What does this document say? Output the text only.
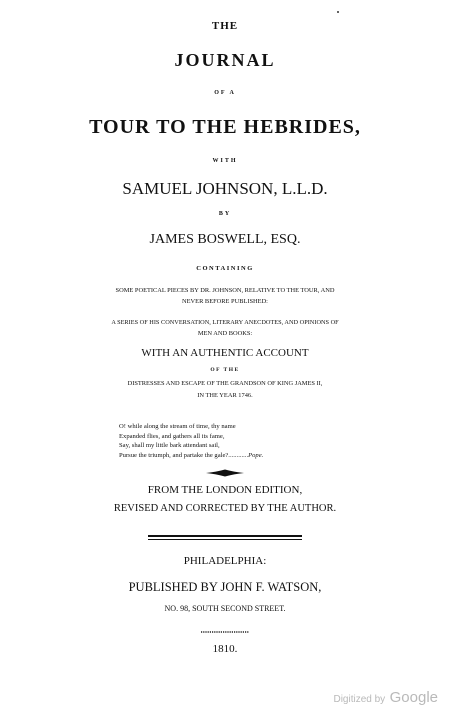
THE
JOURNAL
OF A
TOUR TO THE HEBRIDES,
WITH
SAMUEL JOHNSON, L.L.D.
BY
JAMES BOSWELL, ESQ.
CONTAINING
SOME POETICAL PIECES BY DR. JOHNSON, RELATIVE TO THE TOUR, AND
NEVER BEFORE PUBLISHED:
A SERIES OF HIS CONVERSATION, LITERARY ANECDOTES, AND OPINIONS OF
MEN AND BOOKS:
WITH AN AUTHENTIC ACCOUNT
OF THE
DISTRESSES AND ESCAPE OF THE GRANDSON OF KING JAMES II,
IN THE YEAR 1746.
O! while along the stream of time, thy name
Expanded flies, and gathers all its fame,
Say, shall my little bark attendant sail,
Pursue the triumph, and partake the gale?............Pope.
FROM THE LONDON EDITION,
REVISED AND CORRECTED BY THE AUTHOR.
PHILADELPHIA:
PUBLISHED BY JOHN F. WATSON,
NO. 98, SOUTH SECOND STREET.
1810.
Digitized by Google
